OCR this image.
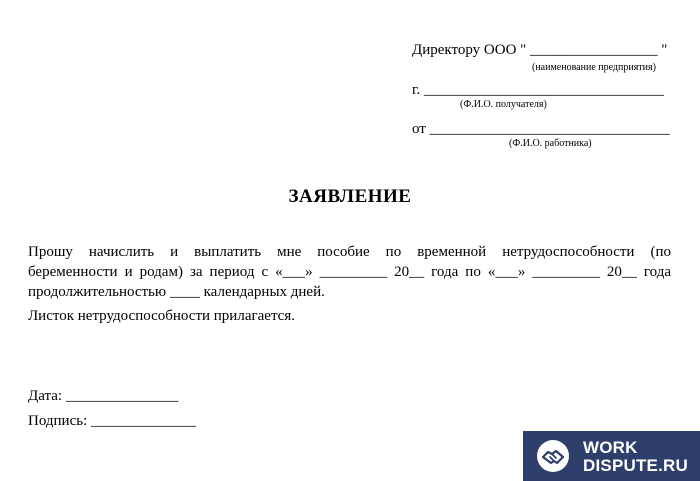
Директору ООО " _________________ "
(наименование предприятия)
г. ________________________________
(Ф.И.О. получателя)
от ________________________________
(Ф.И.О. работника)
ЗАЯВЛЕНИЕ
Прошу начислить и выплатить мне пособие по временной нетрудоспособности (по
беременности и родам) за период с «___» _________ 20__ года по «___» _________ 20__ года
продолжительностью ____ календарных дней.
Листок нетрудоспособности прилагается.
Дата: _______________
Подпись: ______________
WORK
DISPUTE.RU
